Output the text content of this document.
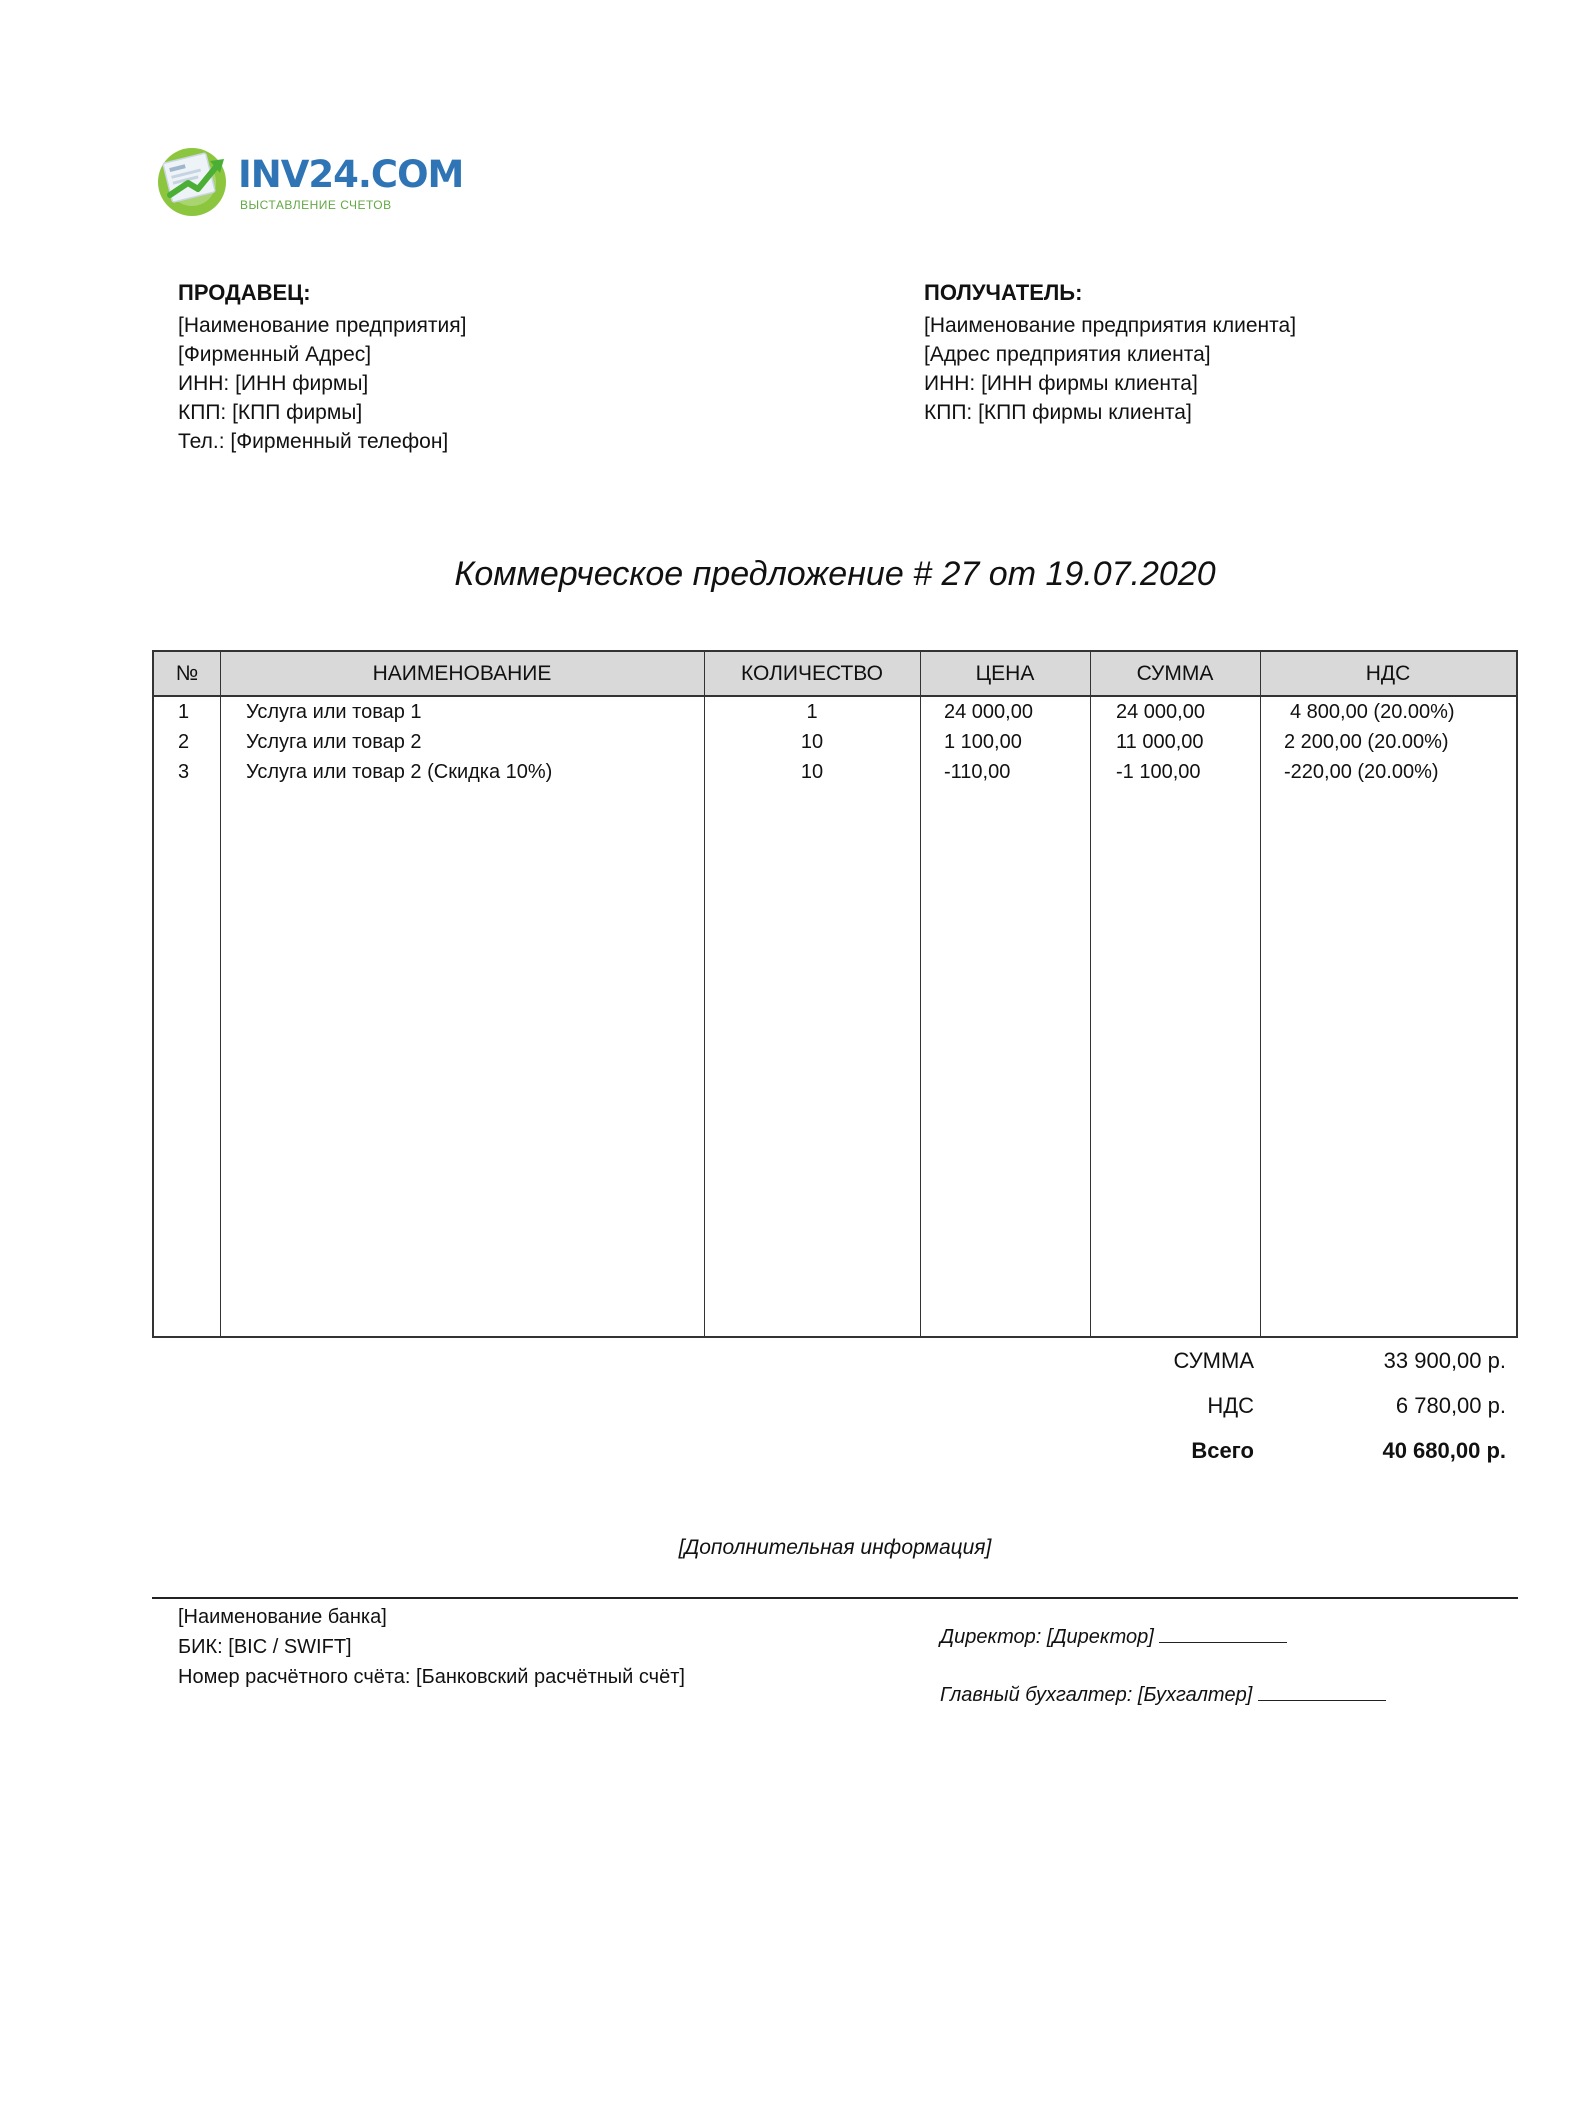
INV24.COM
ВЫСТАВЛЕНИЕ СЧЕТОВ
ПРОДАВЕЦ:
[Наименование предприятия]
[Фирменный Адрес]
ИНН: [ИНН фирмы]
КПП: [КПП фирмы]
Тел.: [Фирменный телефон]
ПОЛУЧАТЕЛЬ:
[Наименование предприятия клиента]
[Адрес предприятия клиента]
ИНН: [ИНН фирмы клиента]
КПП: [КПП фирмы клиента]
Коммерческое предложение # 27 от 19.07.2020
№	НАИМЕНОВАНИЕ	КОЛИЧЕСТВО	ЦЕНА	СУММА	НДС
1	Услуга или товар 1	1	24 000,00	24 000,00	4 800,00 (20.00%)
2	Услуга или товар 2	10	1 100,00	11 000,00	2 200,00 (20.00%)
3	Услуга или товар 2 (Скидка 10%)	10	-110,00	-1 100,00	-220,00 (20.00%)
СУММА	33 900,00 р.
НДС	6 780,00 р.
Всего	40 680,00 р.
[Дополнительная информация]
[Наименование банка]
БИК: [BIC / SWIFT]
Номер расчётного счёта: [Банковский расчётный счёт]
Директор: [Директор]
Главный бухгалтер: [Бухгалтер]
